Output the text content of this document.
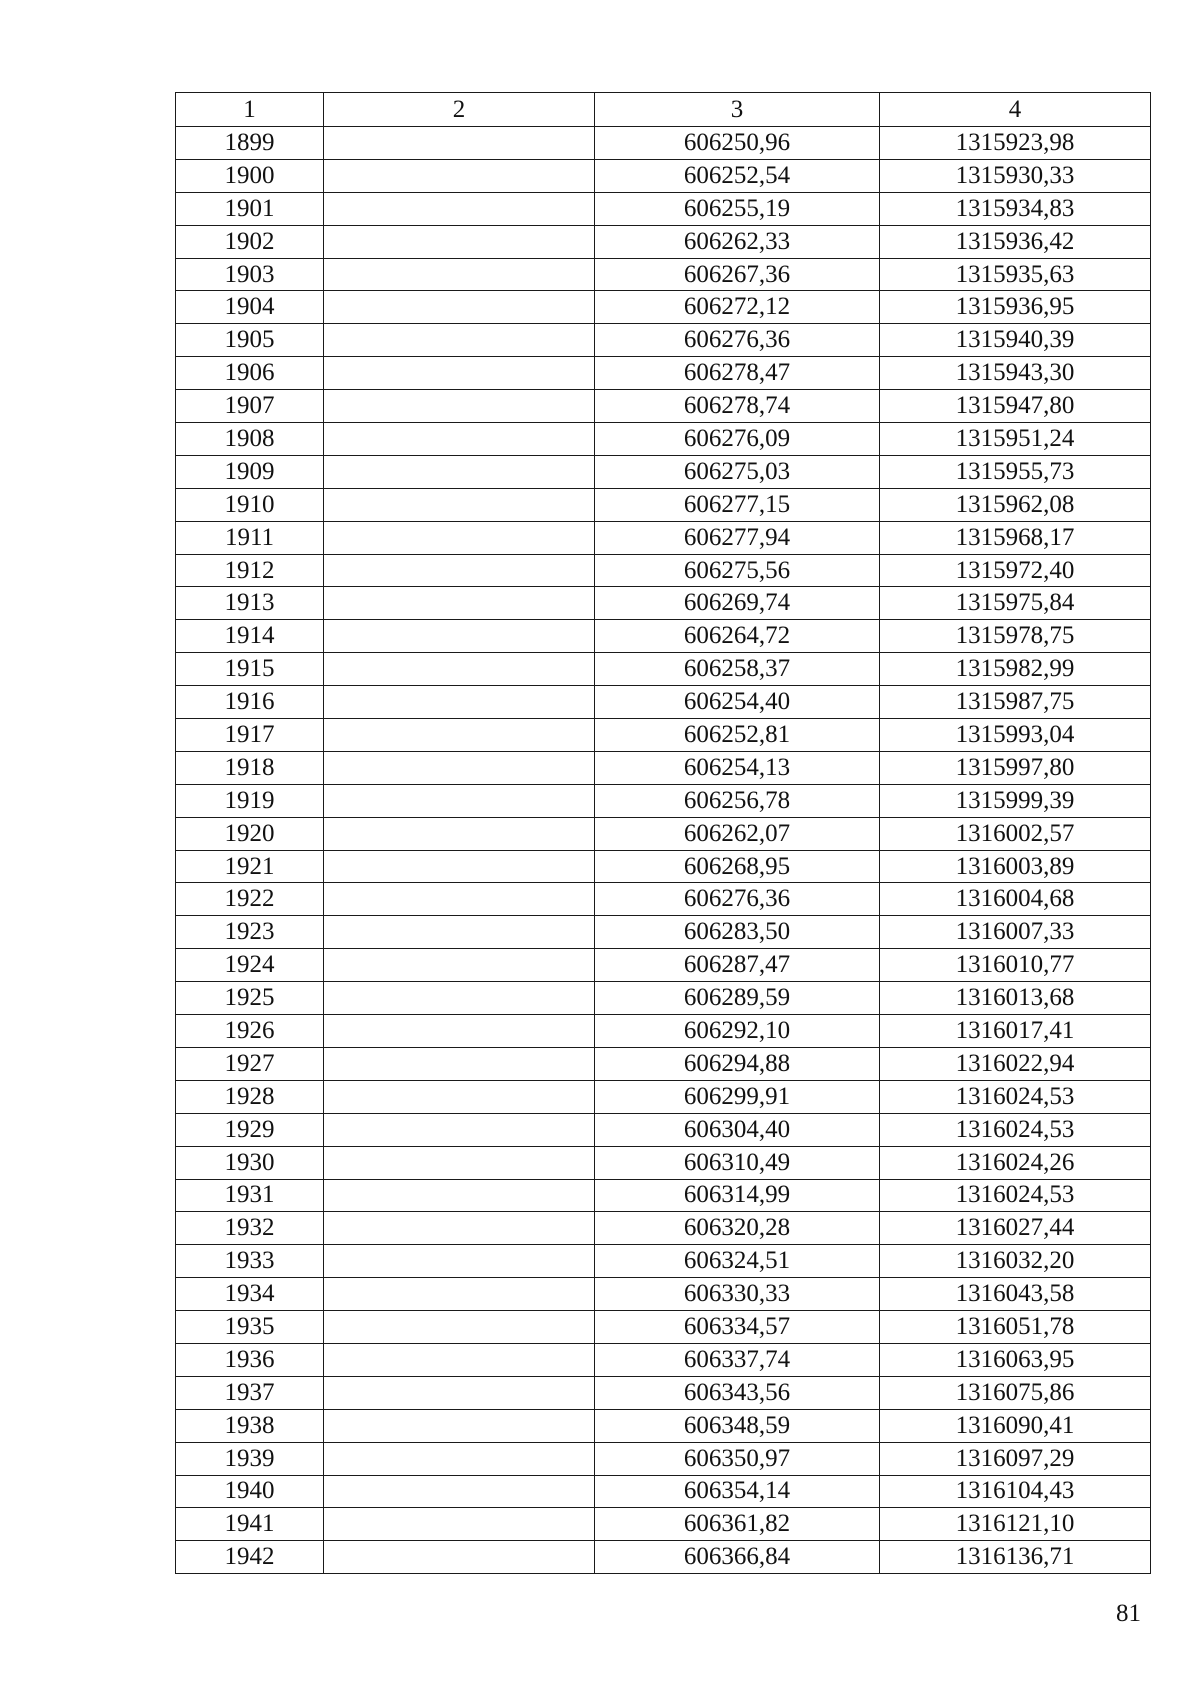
1	2	3	4
1899		606250,96	1315923,98
1900		606252,54	1315930,33
1901		606255,19	1315934,83
1902		606262,33	1315936,42
1903		606267,36	1315935,63
1904		606272,12	1315936,95
1905		606276,36	1315940,39
1906		606278,47	1315943,30
1907		606278,74	1315947,80
1908		606276,09	1315951,24
1909		606275,03	1315955,73
1910		606277,15	1315962,08
1911		606277,94	1315968,17
1912		606275,56	1315972,40
1913		606269,74	1315975,84
1914		606264,72	1315978,75
1915		606258,37	1315982,99
1916		606254,40	1315987,75
1917		606252,81	1315993,04
1918		606254,13	1315997,80
1919		606256,78	1315999,39
1920		606262,07	1316002,57
1921		606268,95	1316003,89
1922		606276,36	1316004,68
1923		606283,50	1316007,33
1924		606287,47	1316010,77
1925		606289,59	1316013,68
1926		606292,10	1316017,41
1927		606294,88	1316022,94
1928		606299,91	1316024,53
1929		606304,40	1316024,53
1930		606310,49	1316024,26
1931		606314,99	1316024,53
1932		606320,28	1316027,44
1933		606324,51	1316032,20
1934		606330,33	1316043,58
1935		606334,57	1316051,78
1936		606337,74	1316063,95
1937		606343,56	1316075,86
1938		606348,59	1316090,41
1939		606350,97	1316097,29
1940		606354,14	1316104,43
1941		606361,82	1316121,10
1942		606366,84	1316136,71
81
